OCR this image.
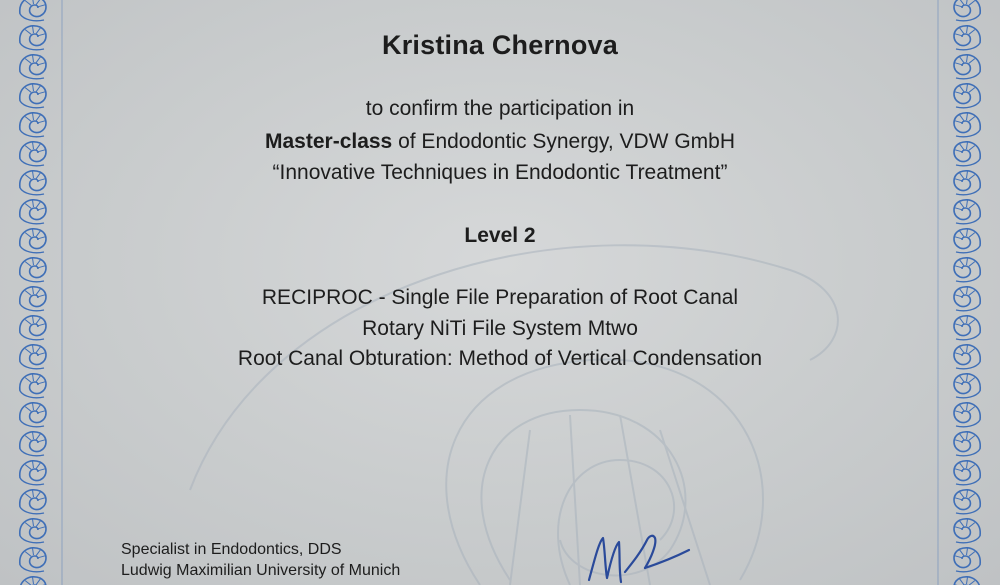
Kristina Chernova
to confirm the participation in
Master-class of Endodontic Synergy, VDW GmbH
“Innovative Techniques in Endodontic Treatment”
Level 2
RECIPROC - Single File Preparation of Root Canal
Rotary NiTi File System Mtwo
Root Canal Obturation: Method of Vertical Condensation
Specialist in Endodontics, DDS
Ludwig Maximilian University of Munich
